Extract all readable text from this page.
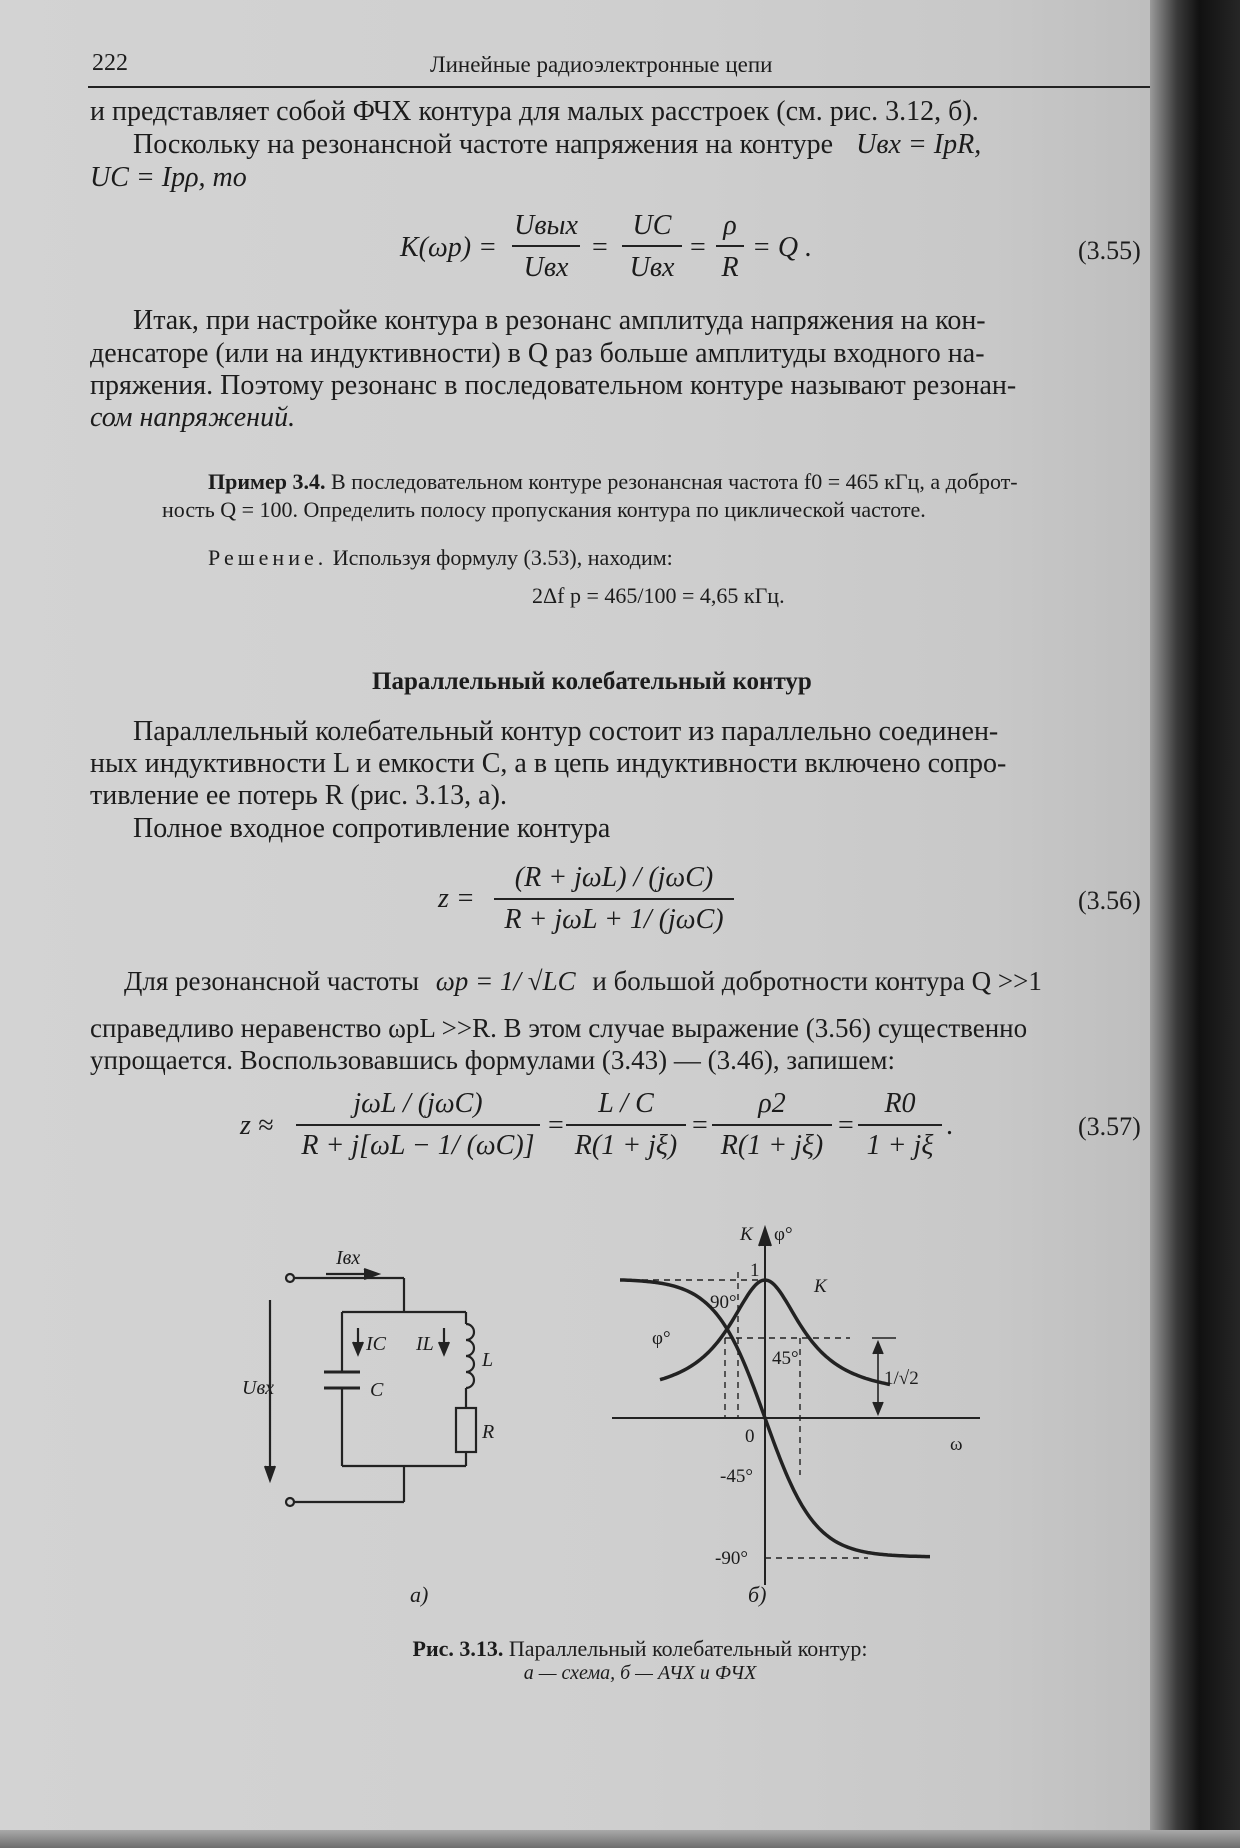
222	Линейные радиоэлектронные цепи
и представляет собой ФЧХ контура для малых расстроек (см. рис. 3.12, б).
Поскольку на резонансной частоте напряжения на контуре Uвх = IрR,
UC = Iрρ, то
K(ωр) =
Uвых
Uвх
=
UC
Uвх
=
ρ
R
= Q .	(3.55)
Итак, при настройке контура в резонанс амплитуда напряжения на кон-
денсаторе (или на индуктивности) в Q раз больше амплитуды входного на-
пряжения. Поэтому резонанс в последовательном контуре называют резонан-
сом напряжений.
Пример 3.4. В последовательном контуре резонансная частота f0 = 465 кГц, а доброт-
ность Q = 100. Определить полосу пропускания контура по циклической частоте.
Решение. Используя формулу (3.53), находим:
2Δf р = 465/100 = 4,65 кГц.
Параллельный колебательный контур
Параллельный колебательный контур состоит из параллельно соединен-
ных индуктивности L и емкости C, а в цепь индуктивности включено сопро-
тивление ее потерь R (рис. 3.13, а).
Полное входное сопротивление контура
z =
(R + jωL) / (jωC)
R + jωL + 1/ (jωC)
(3.56)
Для резонансной частоты ωр = 1/ √LC и большой добротности контура Q >>1
справедливо неравенство ωрL >>R. В этом случае выражение (3.56) существенно
упрощается. Воспользовавшись формулами (3.43) — (3.46), запишем:
z ≈
jωL / (jωC)
R + j[ωL − 1/ (ωC)]
=
L / C
R(1 + jξ)
=
ρ2
R(1 + jξ)
=
R0
1 + jξ
.	(3.57)
Iвх
Uвх
IC IL
C
L
R
K φ°
ω
1
0
-45°
-90°
90°
45°
φ°
K
1/√2
а)	б)
Рис. 3.13. Параллельный колебательный контур:
а — схема, б — АЧХ и ФЧХ
